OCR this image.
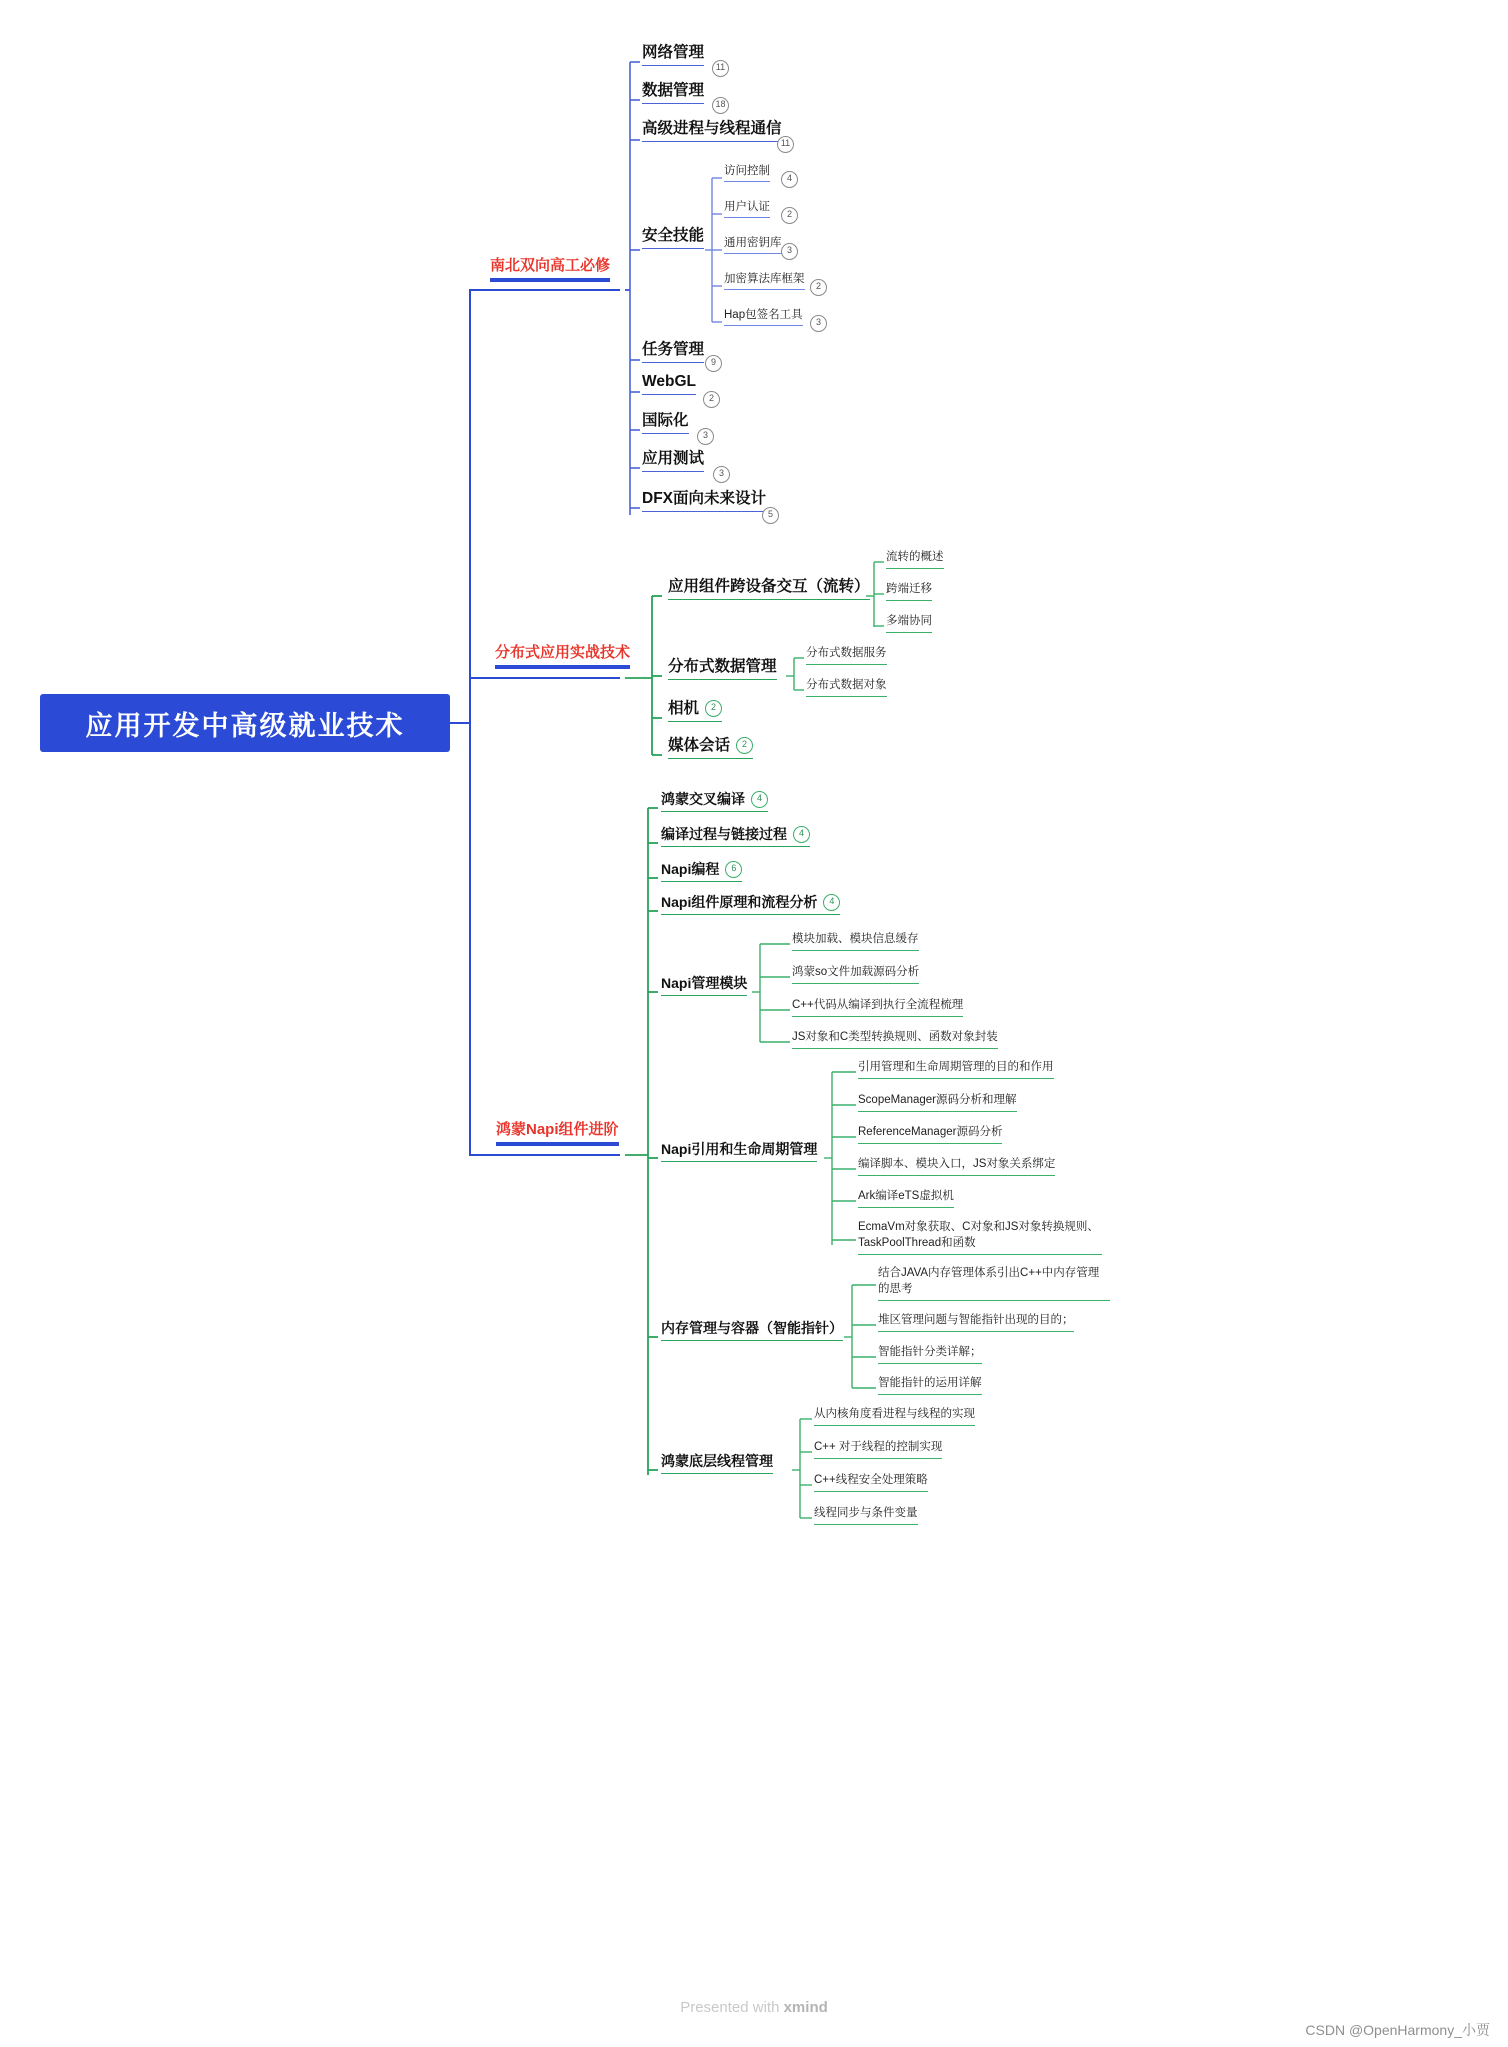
应用开发中高级就业技术
南北双向高工必修
网络管理
11
数据管理
18
高级进程与线程通信
11
安全技能
访问控制
4
用户认证
2
通用密钥库
3
加密算法库框架
2
Hap包签名工具
3
任务管理
9
WebGL
2
国际化
3
应用测试
3
DFX面向未来设计
5
分布式应用实战技术
应用组件跨设备交互（流转）
流转的概述
跨端迁移
多端协同
分布式数据管理
分布式数据服务
分布式数据对象
相机 2
媒体会话 2
鸿蒙Napi组件进阶
鸿蒙交叉编译 4
编译过程与链接过程 4
Napi编程 6
Napi组件原理和流程分析 4
Napi管理模块
模块加载、模块信息缓存
鸿蒙so文件加载源码分析
C++代码从编译到执行全流程梳理
JS对象和C类型转换规则、函数对象封装
Napi引用和生命周期管理
引用管理和生命周期管理的目的和作用
ScopeManager源码分析和理解
ReferenceManager源码分析
编译脚本、模块入口，JS对象关系绑定
Ark编译eTS虚拟机
EcmaVm对象获取、C对象和JS对象转换规则、TaskPoolThread和函数
内存管理与容器（智能指针）
结合JAVA内存管理体系引出C++中内存管理的思考
堆区管理问题与智能指针出现的目的；
智能指针分类详解；
智能指针的运用详解
鸿蒙底层线程管理
从内核角度看进程与线程的实现
C++ 对于线程的控制实现
C++线程安全处理策略
线程同步与条件变量
Presented with xmind
CSDN @OpenHarmony_小贾
